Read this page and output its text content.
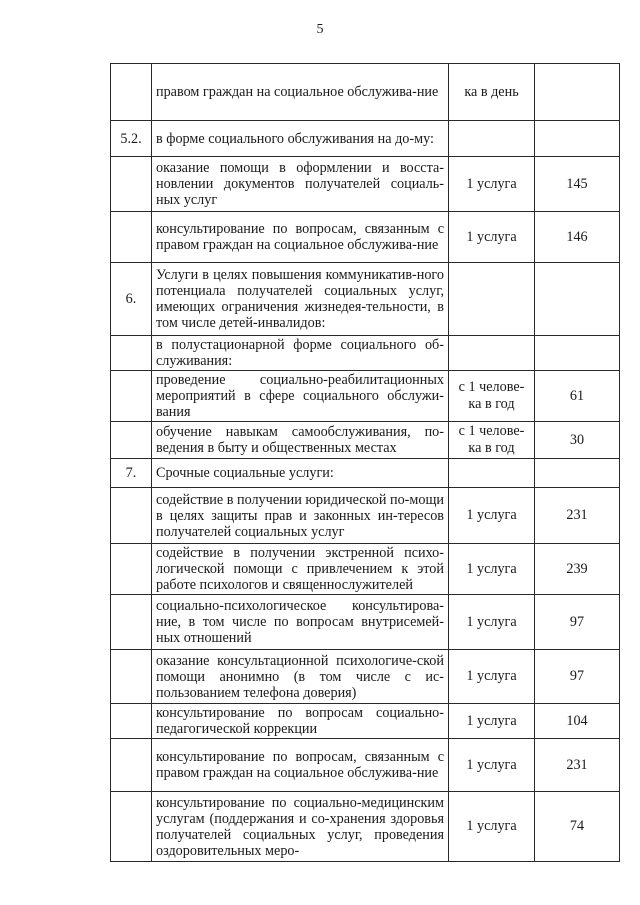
5
	правом граждан на социальное обслужива-ние	ка в день	
5.2.	в форме социального обслуживания на до-му:		
	оказание помощи в оформлении и восста-новлении документов получателей социаль-ных услуг	1 услуга	145
	консультирование по вопросам, связанным с правом граждан на социальное обслужива-ние	1 услуга	146
6.	Услуги в целях повышения коммуникатив-ного потенциала получателей социальных услуг, имеющих ограничения жизнедея-тельности, в том числе детей-инвалидов:		
	в полустационарной форме социального об-служивания:		
	проведение социально-реабилитационных мероприятий в сфере социального обслужи-вания	с 1 челове-ка в год	61
	обучение навыкам самообслуживания, по-ведения в быту и общественных местах	с 1 челове-ка в год	30
7.	Срочные социальные услуги:		
	содействие в получении юридической по-мощи в целях защиты прав и законных ин-тересов получателей социальных услуг	1 услуга	231
	содействие в получении экстренной психо-логической помощи с привлечением к этой работе психологов и священнослужителей	1 услуга	239
	социально-психологическое консультирова-ние, в том числе по вопросам внутрисемей-ных отношений	1 услуга	97
	оказание консультационной психологиче-ской помощи анонимно (в том числе с ис-пользованием телефона доверия)	1 услуга	97
	консультирование по вопросам социально-педагогической коррекции	1 услуга	104
	консультирование по вопросам, связанным с правом граждан на социальное обслужива-ние	1 услуга	231
	консультирование по социально-медицинским услугам (поддержания и со-хранения здоровья получателей социальных услуг, проведения оздоровительных меро-	1 услуга	74
